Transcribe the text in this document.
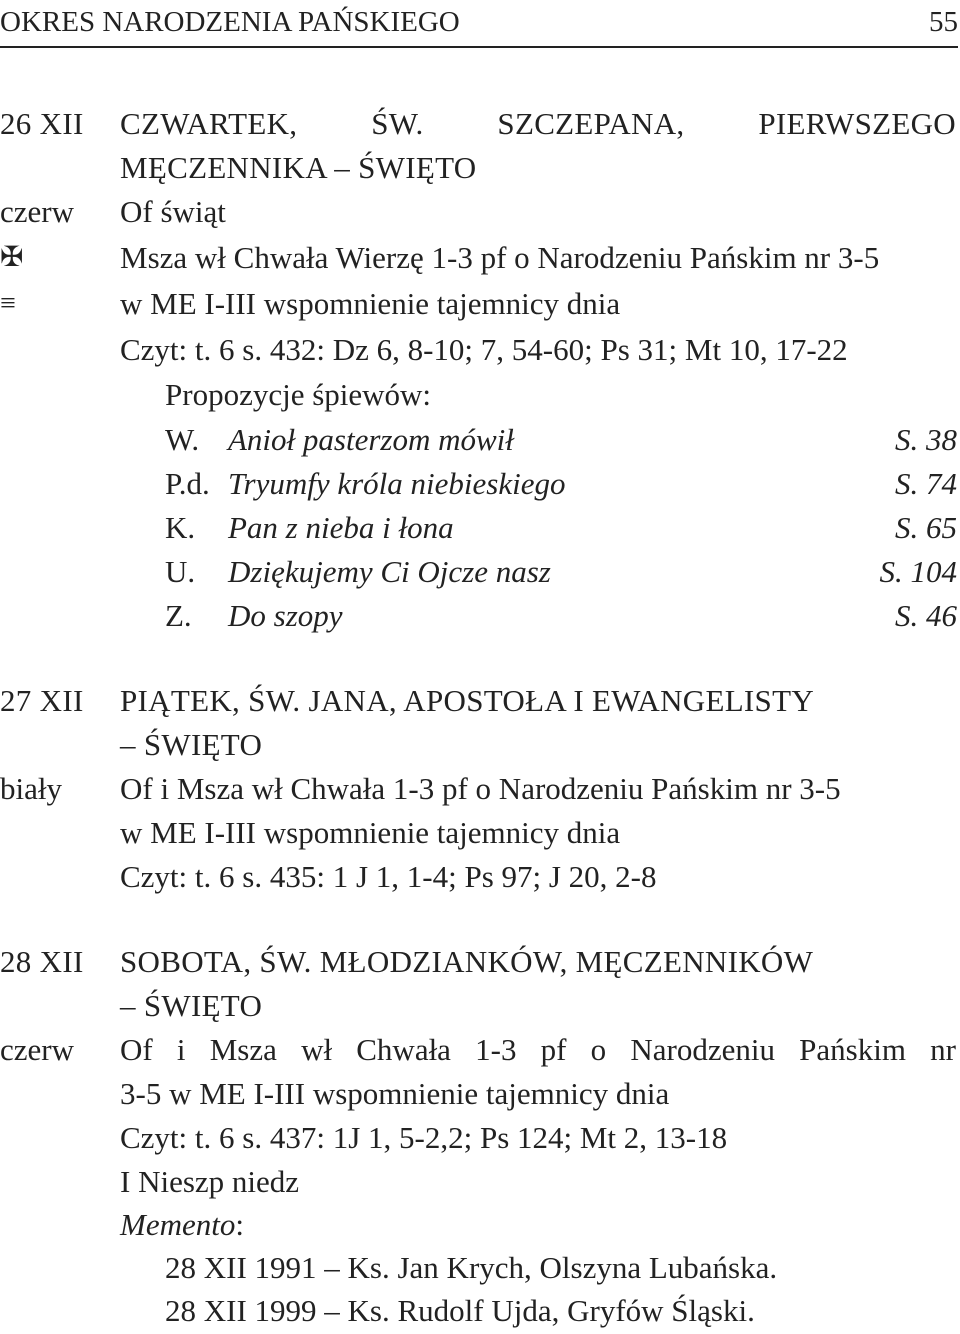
OKRES NARODZENIA PAŃSKIEGO	55
26 XII CZWARTEK, ŚW. SZCZEPANA, PIERWSZEGO
MĘCZENNIKA – ŚWIĘTO
czerw Of świąt
✠	Msza wł Chwała Wierzę 1-3 pf o Narodzeniu Pańskim nr 3-5
≡	w ME I-III wspomnienie tajemnicy dnia
Czyt: t. 6 s. 432: Dz 6, 8-10; 7, 54-60; Ps 31; Mt 10, 17-22
Propozycje śpiewów:
W. Anioł pasterzom mówił	S. 38
P.d. Tryumfy króla niebieskiego	S. 74
K. Pan z nieba i łona	S. 65
U. Dziękujemy Ci Ojcze nasz	S. 104
Z. Do szopy	S. 46
27 XII PIĄTEK, ŚW. JANA, APOSTOŁA I EWANGELISTY
– ŚWIĘTO
biały Of i Msza wł Chwała 1-3 pf o Narodzeniu Pańskim nr 3-5
w ME I-III wspomnienie tajemnicy dnia
Czyt: t. 6 s. 435: 1 J 1, 1-4; Ps 97; J 20, 2-8
28 XII SOBOTA, ŚW. MŁODZIANKÓW, MĘCZENNIKÓW
– ŚWIĘTO
czerw Of i Msza wł Chwała 1-3 pf o Narodzeniu Pańskim nr
3-5 w ME I-III wspomnienie tajemnicy dnia
Czyt: t. 6 s. 437: 1J 1, 5-2,2; Ps 124; Mt 2, 13-18
I Nieszp niedz
Memento:
28 XII 1991 – Ks. Jan Krych, Olszyna Lubańska.
28 XII 1999 – Ks. Rudolf Ujda, Gryfów Śląski.
